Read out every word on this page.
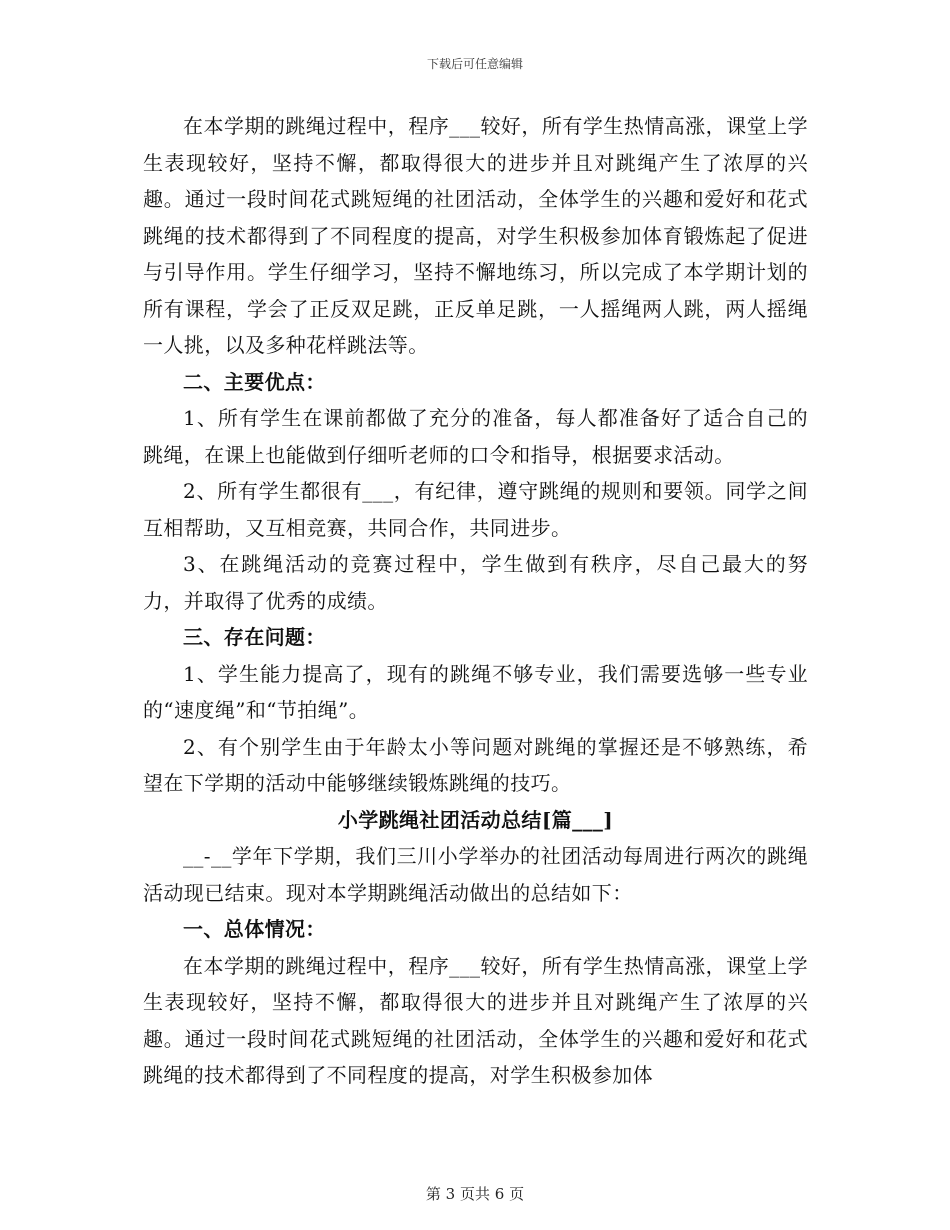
下载后可任意编辑

在本学期的跳绳过程中，程序___较好，所有学生热情高涨，课堂上学生表现较好，坚持不懈，都取得很大的进步并且对跳绳产生了浓厚的兴趣。通过一段时间花式跳短绳的社团活动，全体学生的兴趣和爱好和花式跳绳的技术都得到了不同程度的提高，对学生积极参加体育锻炼起了促进与引导作用。学生仔细学习，坚持不懈地练习，所以完成了本学期计划的所有课程，学会了正反双足跳，正反单足跳，一人摇绳两人跳，两人摇绳一人挑，以及多种花样跳法等。

二、主要优点：

1、所有学生在课前都做了充分的准备，每人都准备好了适合自己的跳绳，在课上也能做到仔细听老师的口令和指导，根据要求活动。

2、所有学生都很有___，有纪律，遵守跳绳的规则和要领。同学之间互相帮助，又互相竞赛，共同合作，共同进步。

3、在跳绳活动的竞赛过程中，学生做到有秩序，尽自己最大的努力，并取得了优秀的成绩。

三、存在问题：

1、学生能力提高了，现有的跳绳不够专业，我们需要选够一些专业的“速度绳”和“节拍绳”。

2、有个别学生由于年龄太小等问题对跳绳的掌握还是不够熟练，希望在下学期的活动中能够继续锻炼跳绳的技巧。

小学跳绳社团活动总结[篇___]

__-__学年下学期，我们三川小学举办的社团活动每周进行两次的跳绳活动现已结束。现对本学期跳绳活动做出的总结如下：

一、总体情况：

在本学期的跳绳过程中，程序___较好，所有学生热情高涨，课堂上学生表现较好，坚持不懈，都取得很大的进步并且对跳绳产生了浓厚的兴趣。通过一段时间花式跳短绳的社团活动，全体学生的兴趣和爱好和花式跳绳的技术都得到了不同程度的提高，对学生积极参加体

第 3 页共 6 页
